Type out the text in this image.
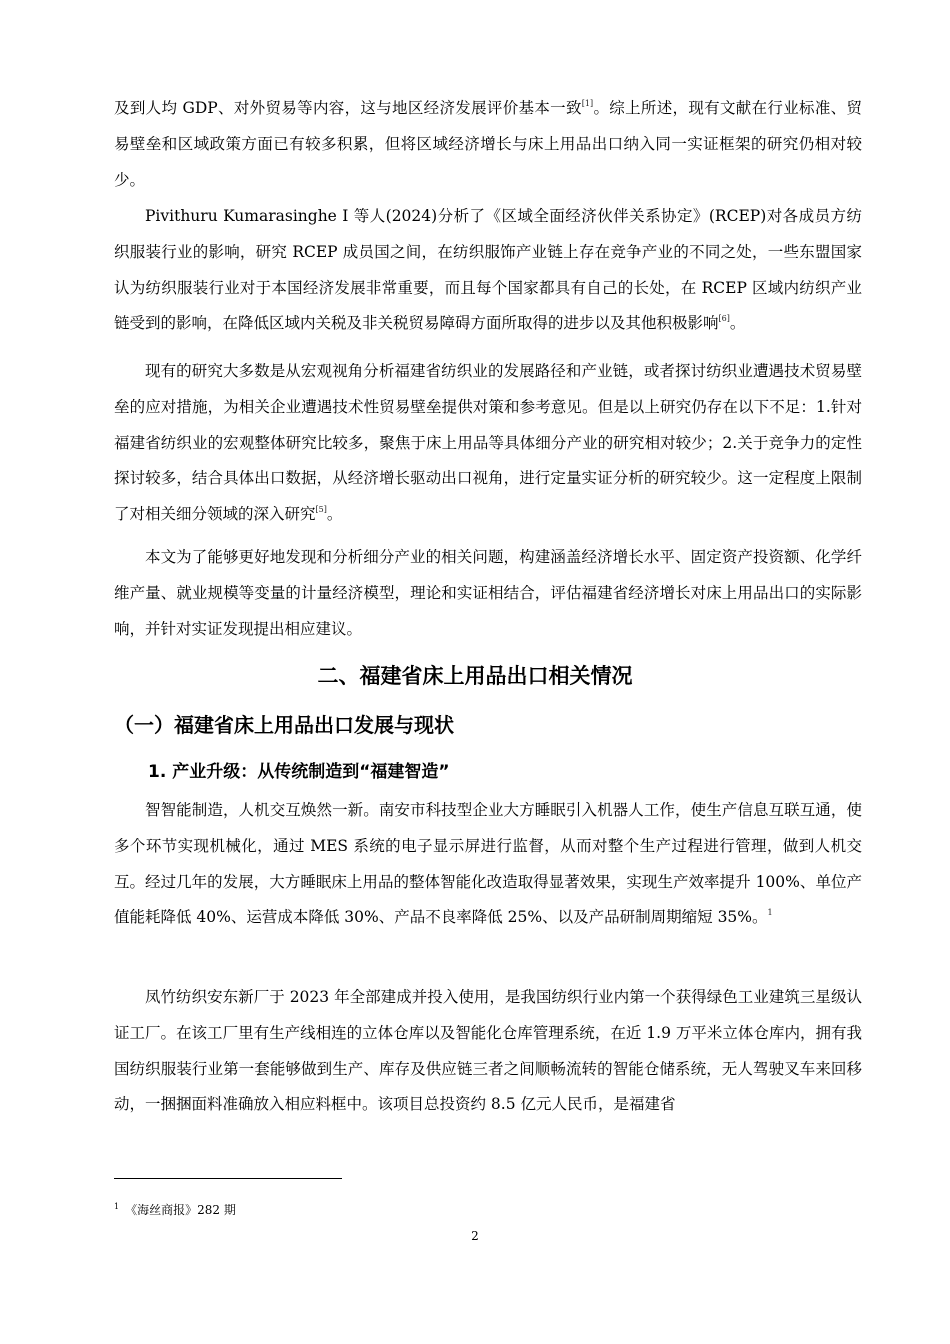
及到人均 GDP、对外贸易等内容，这与地区经济发展评价基本一致[1]。综上所述，现有文献在行业标准、贸易壁垒和区域政策方面已有较多积累，但将区域经济增长与床上用品出口纳入同一实证框架的研究仍相对较少。

Pivithuru Kumarasinghe I 等人(2024)分析了《区域全面经济伙伴关系协定》(RCEP)对各成员方纺织服装行业的影响，研究 RCEP 成员国之间，在纺织服饰产业链上存在竞争产业的不同之处，一些东盟国家认为纺织服装行业对于本国经济发展非常重要，而且每个国家都具有自己的长处，在 RCEP 区域内纺织产业链受到的影响，在降低区域内关税及非关税贸易障碍方面所取得的进步以及其他积极影响[6]。

现有的研究大多数是从宏观视角分析福建省纺织业的发展路径和产业链，或者探讨纺织业遭遇技术贸易壁垒的应对措施，为相关企业遭遇技术性贸易壁垒提供对策和参考意见。但是以上研究仍存在以下不足：1.针对福建省纺织业的宏观整体研究比较多，聚焦于床上用品等具体细分产业的研究相对较少；2.关于竞争力的定性探讨较多，结合具体出口数据，从经济增长驱动出口视角，进行定量实证分析的研究较少。这一定程度上限制了对相关细分领域的深入研究[5]。

本文为了能够更好地发现和分析细分产业的相关问题，构建涵盖经济增长水平、固定资产投资额、化学纤维产量、就业规模等变量的计量经济模型，理论和实证相结合，评估福建省经济增长对床上用品出口的实际影响，并针对实证发现提出相应建议。

二、福建省床上用品出口相关情况
（一）福建省床上用品出口发展与现状
1. 产业升级：从传统制造到“福建智造”

智智能制造，人机交互焕然一新。南安市科技型企业大方睡眠引入机器人工作，使生产信息互联互通，使多个环节实现机械化，通过 MES 系统的电子显示屏进行监督，从而对整个生产过程进行管理，做到人机交互。经过几年的发展，大方睡眠床上用品的整体智能化改造取得显著效果，实现生产效率提升 100%、单位产值能耗降低 40%、运营成本降低 30%、产品不良率降低 25%、以及产品研制周期缩短 35%。$^1$

凤竹纺织安东新厂于 2023 年全部建成并投入使用，是我国纺织行业内第一个获得绿色工业建筑三星级认证工厂。在该工厂里有生产线相连的立体仓库以及智能化仓库管理系统，在近 1.9 万平米立体仓库内，拥有我国纺织服装行业第一套能够做到生产、库存及供应链三者之间顺畅流转的智能仓储系统，无人驾驶叉车来回移动，一捆捆面料准确放入相应料框中。该项目总投资约 8.5 亿元人民币，是福建省

$^1$ 《海丝商报》282 期

2
